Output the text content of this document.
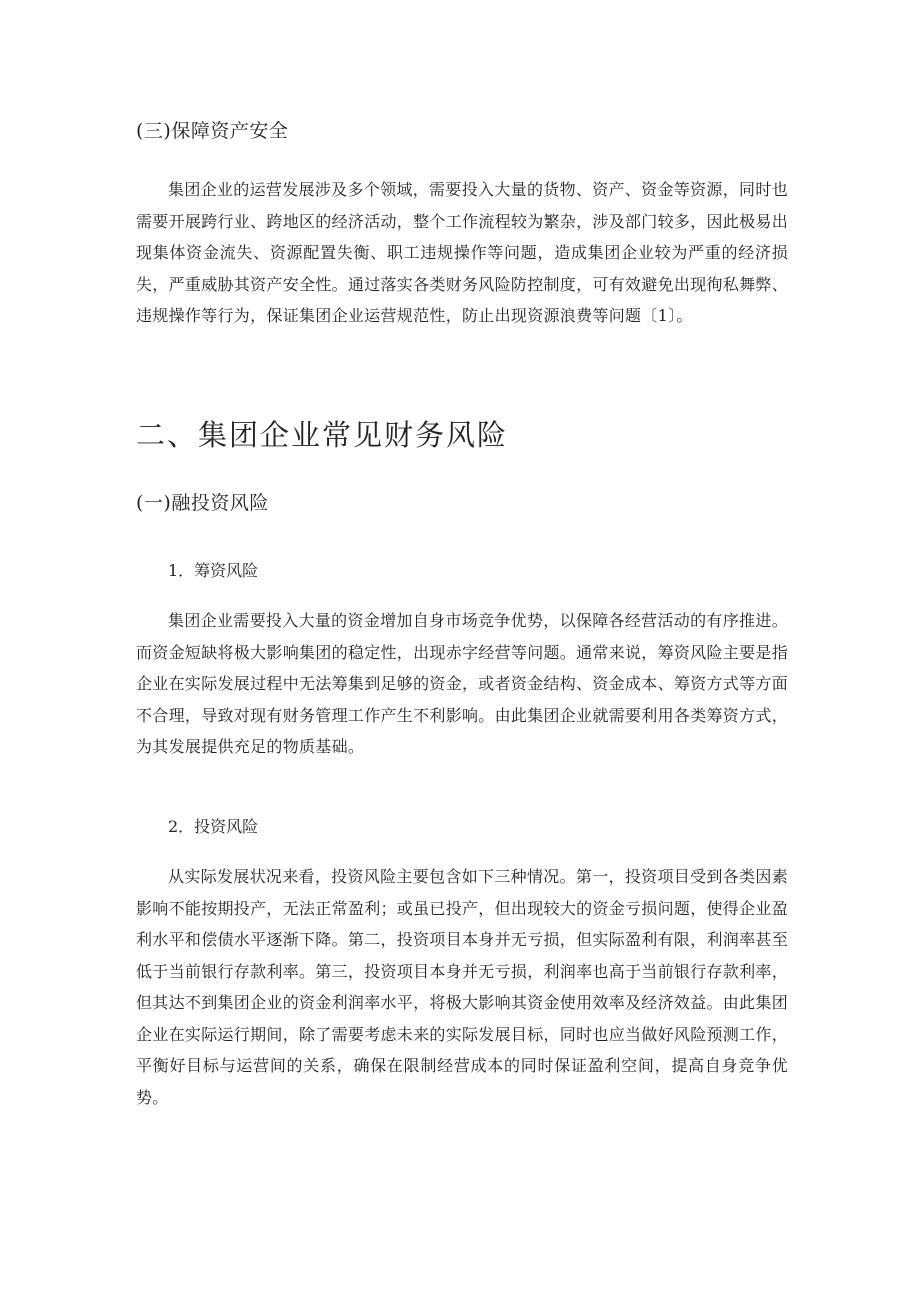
(三)保障资产安全

集团企业的运营发展涉及多个领域，需要投入大量的货物、资产、资金等资源，同时也需要开展跨行业、跨地区的经济活动，整个工作流程较为繁杂，涉及部门较多，因此极易出现集体资金流失、资源配置失衡、职工违规操作等问题，造成集团企业较为严重的经济损失，严重威胁其资产安全性。通过落实各类财务风险防控制度，可有效避免出现徇私舞弊、违规操作等行为，保证集团企业运营规范性，防止出现资源浪费等问题〔1〕。

二、集团企业常见财务风险

(一)融投资风险

1．筹资风险

集团企业需要投入大量的资金增加自身市场竞争优势，以保障各经营活动的有序推进。而资金短缺将极大影响集团的稳定性，出现赤字经营等问题。通常来说，筹资风险主要是指企业在实际发展过程中无法筹集到足够的资金，或者资金结构、资金成本、筹资方式等方面不合理，导致对现有财务管理工作产生不利影响。由此集团企业就需要利用各类筹资方式，为其发展提供充足的物质基础。

2．投资风险

从实际发展状况来看，投资风险主要包含如下三种情况。第一，投资项目受到各类因素影响不能按期投产，无法正常盈利；或虽已投产，但出现较大的资金亏损问题，使得企业盈利水平和偿债水平逐渐下降。第二，投资项目本身并无亏损，但实际盈利有限，利润率甚至低于当前银行存款利率。第三，投资项目本身并无亏损，利润率也高于当前银行存款利率，但其达不到集团企业的资金利润率水平，将极大影响其资金使用效率及经济效益。由此集团企业在实际运行期间，除了需要考虑未来的实际发展目标，同时也应当做好风险预测工作，平衡好目标与运营间的关系，确保在限制经营成本的同时保证盈利空间，提高自身竞争优势。
